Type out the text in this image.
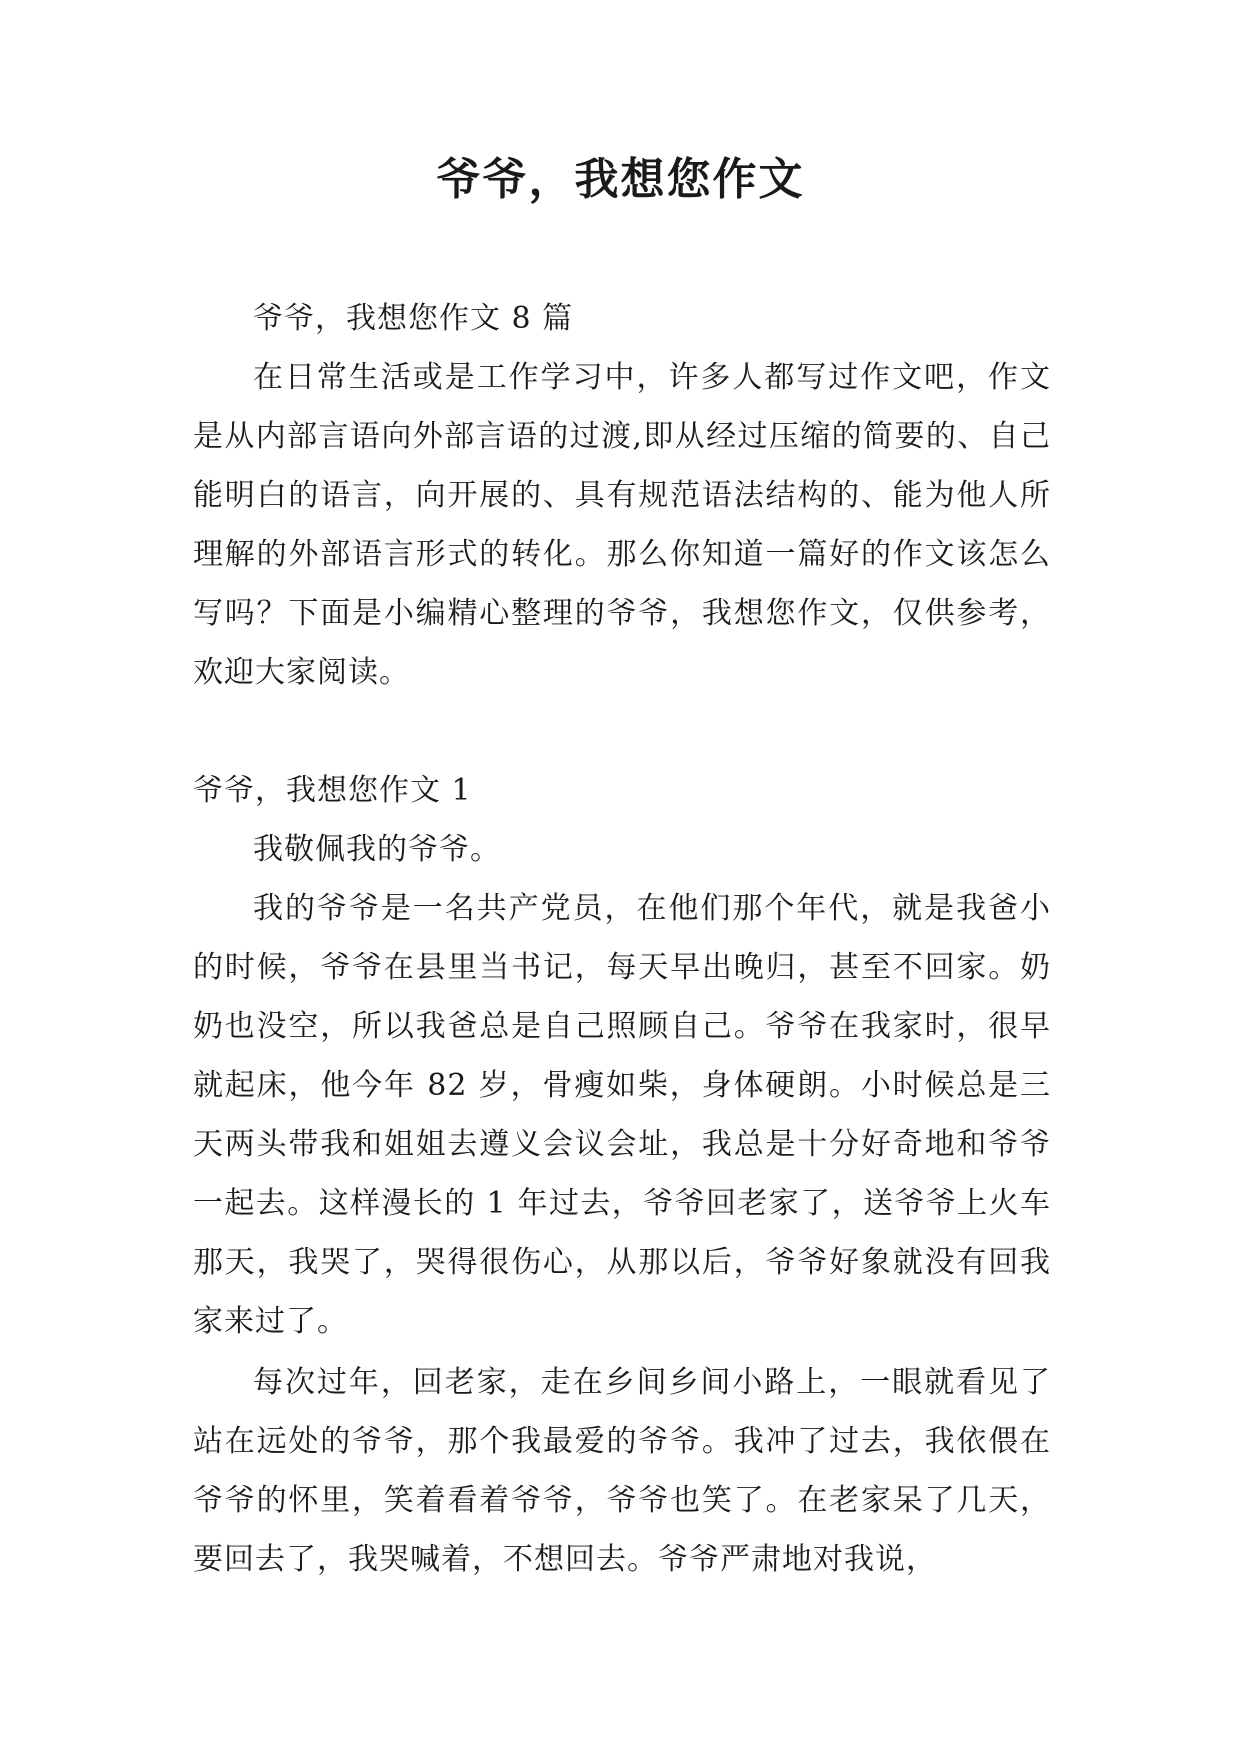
爷爷，我想您作文

爷爷，我想您作文 8 篇

在日常生活或是工作学习中，许多人都写过作文吧，作文是从内部言语向外部言语的过渡,即从经过压缩的简要的、自己能明白的语言，向开展的、具有规范语法结构的、能为他人所理解的外部语言形式的转化。那么你知道一篇好的作文该怎么写吗？下面是小编精心整理的爷爷，我想您作文，仅供参考，欢迎大家阅读。

爷爷，我想您作文 1

我敬佩我的爷爷。

我的爷爷是一名共产党员，在他们那个年代，就是我爸小的时候，爷爷在县里当书记，每天早出晚归，甚至不回家。奶奶也没空，所以我爸总是自己照顾自己。爷爷在我家时，很早就起床，他今年 82 岁，骨瘦如柴，身体硬朗。小时候总是三天两头带我和姐姐去遵义会议会址，我总是十分好奇地和爷爷一起去。这样漫长的 1 年过去，爷爷回老家了，送爷爷上火车那天，我哭了，哭得很伤心，从那以后，爷爷好象就没有回我家来过了。

每次过年，回老家，走在乡间乡间小路上，一眼就看见了站在远处的爷爷，那个我最爱的爷爷。我冲了过去，我依偎在爷爷的怀里，笑着看着爷爷，爷爷也笑了。在老家呆了几天，要回去了，我哭喊着，不想回去。爷爷严肃地对我说，
